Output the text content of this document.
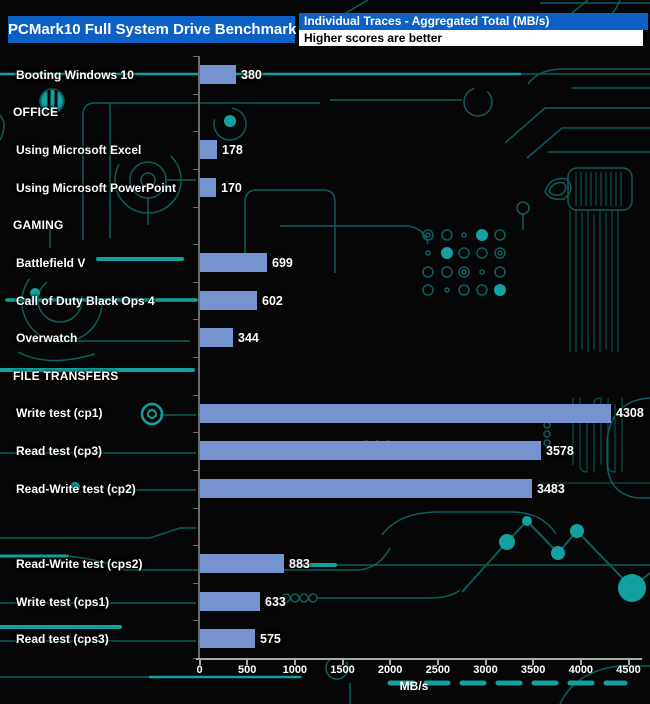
PCMark10 Full System Drive Benchmark Individual Traces - Aggregated Total (MB/s)
Higher scores are better
Booting Windows 10	380
OFFICE
Using Microsoft Excel	178
Using Microsoft PowerPoint	170
GAMING
Battlefield V	699
Call of Duty Black Ops 4	602
Overwatch	344
FILE TRANSFERS
Write test (cp1)	4308
Read test (cp3)	3578
Read-Write test (cp2)	3483
Read-Write test (cps2)	883
Write test (cps1)	633
Read test (cps3)	575
0	500	1000	1500	2000	2500	3000	3500	4000	4500
MB/s
